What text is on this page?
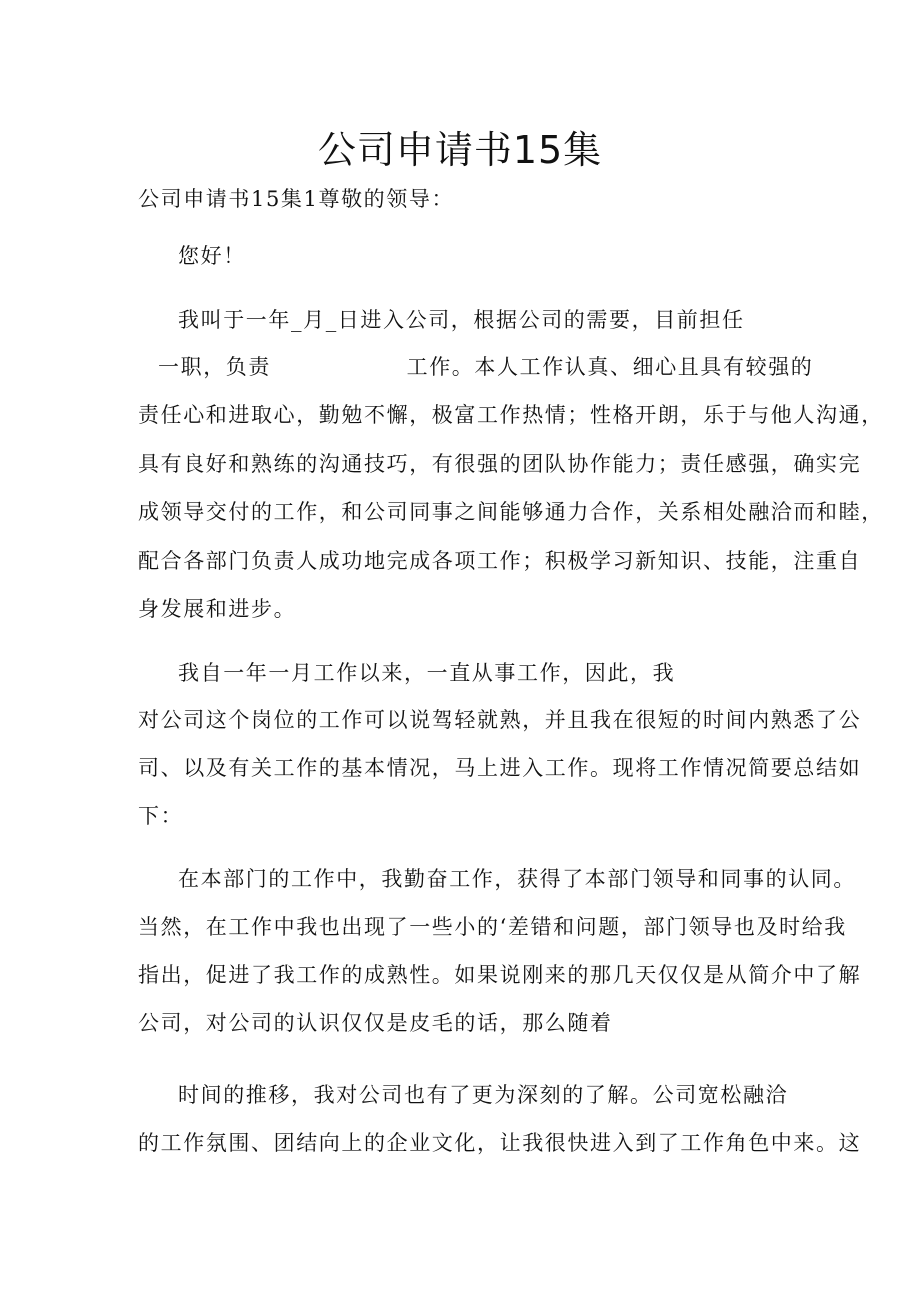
公司申请书15集
公司申请书15集1尊敬的领导：
您好！
我叫于一年_月_日进入公司，根据公司的需要，目前担任
一职，负责　　　　　　工作。本人工作认真、细心且具有较强的
责任心和进取心，勤勉不懈，极富工作热情；性格开朗，乐于与他人沟通，
具有良好和熟练的沟通技巧，有很强的团队协作能力；责任感强，确实完
成领导交付的工作，和公司同事之间能够通力合作，关系相处融洽而和睦，
配合各部门负责人成功地完成各项工作；积极学习新知识、技能，注重自
身发展和进步。
我自一年一月工作以来，一直从事工作，因此，我
对公司这个岗位的工作可以说驾轻就熟，并且我在很短的时间内熟悉了公
司、以及有关工作的基本情况，马上进入工作。现将工作情况简要总结如
下：
在本部门的工作中，我勤奋工作，获得了本部门领导和同事的认同。
当然，在工作中我也出现了一些小的‘差错和问题，部门领导也及时给我
指出，促进了我工作的成熟性。如果说刚来的那几天仅仅是从简介中了解
公司，对公司的认识仅仅是皮毛的话，那么随着
时间的推移，我对公司也有了更为深刻的了解。公司宽松融洽
的工作氛围、团结向上的企业文化，让我很快进入到了工作角色中来。这
